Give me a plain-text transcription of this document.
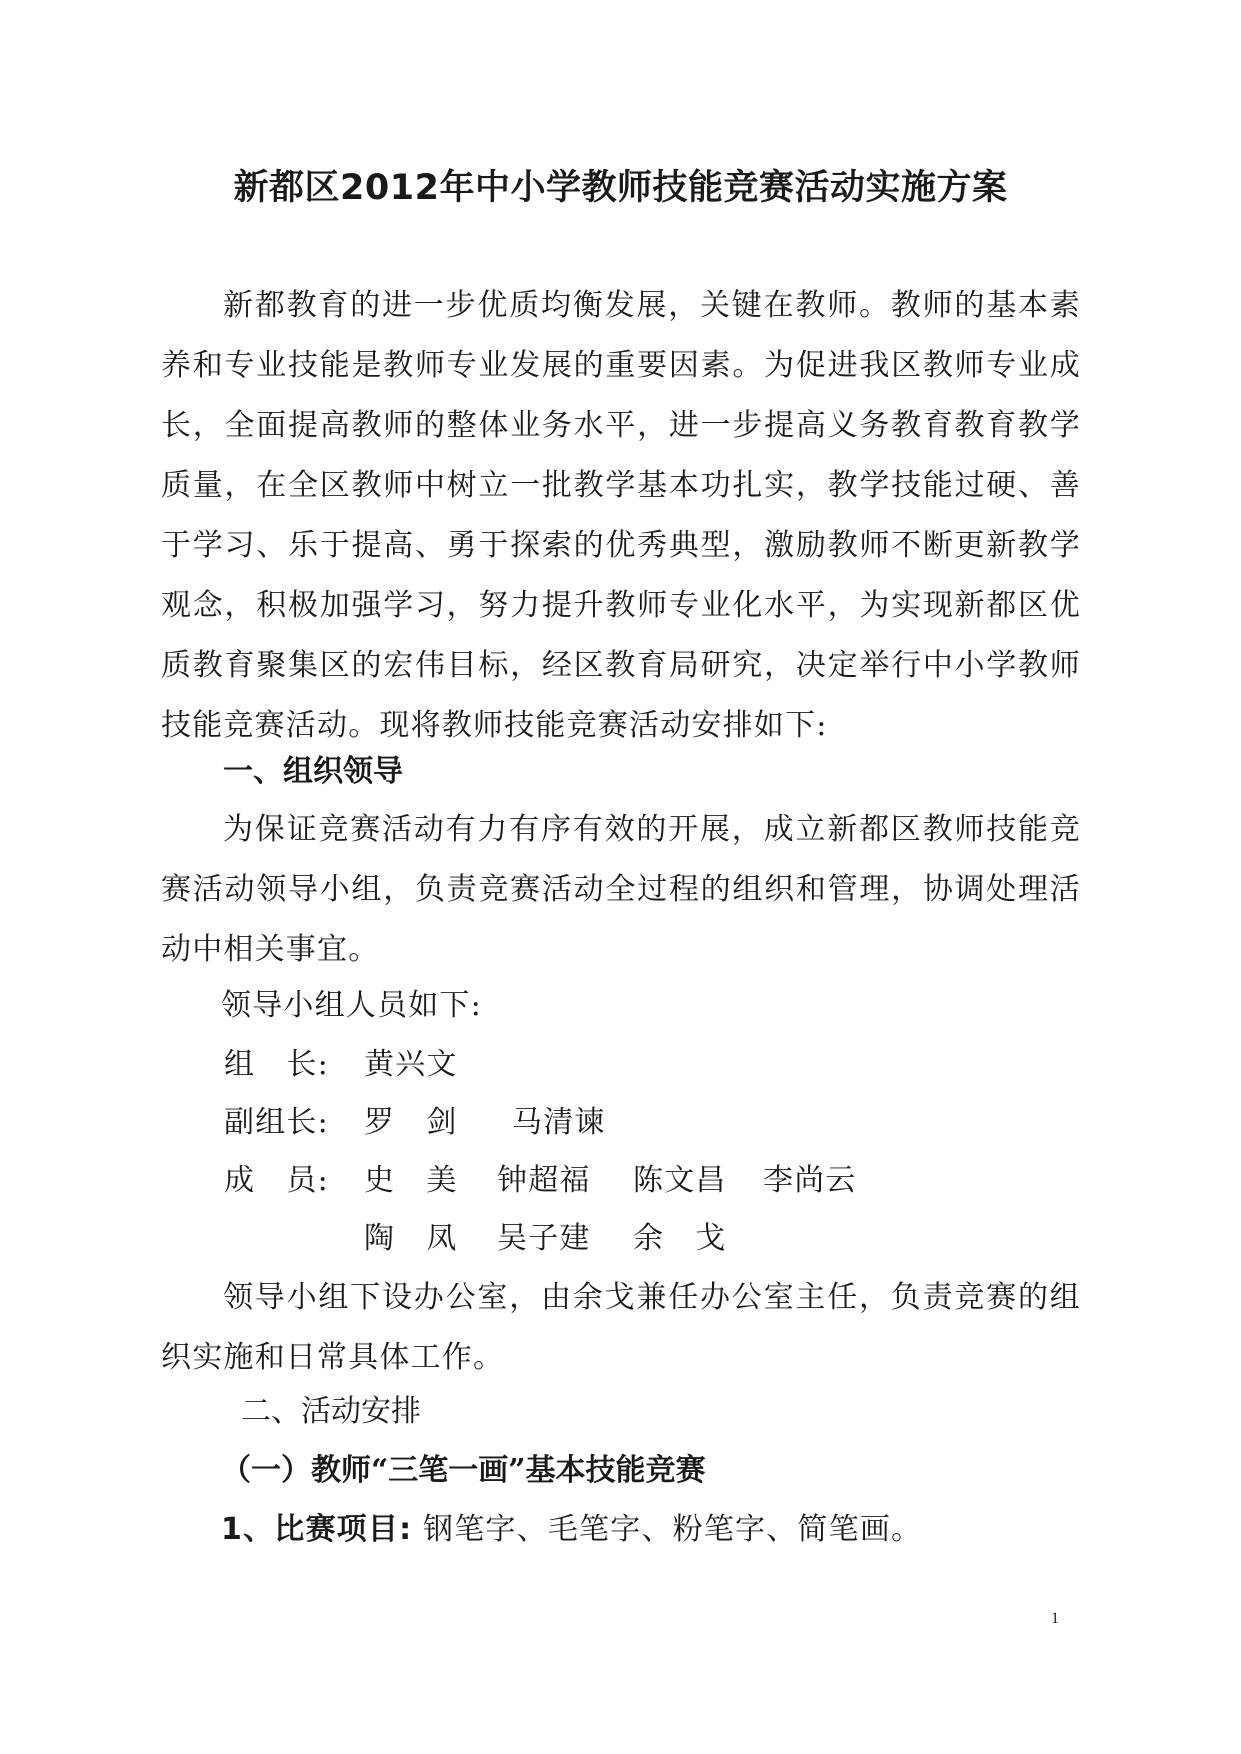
新都区2012年中小学教师技能竞赛活动实施方案

新都教育的进一步优质均衡发展，关键在教师。教师的基本素养和专业技能是教师专业发展的重要因素。为促进我区教师专业成长，全面提高教师的整体业务水平，进一步提高义务教育教育教学质量，在全区教师中树立一批教学基本功扎实，教学技能过硬、善于学习、乐于提高、勇于探索的优秀典型，激励教师不断更新教学观念，积极加强学习，努力提升教师专业化水平，为实现新都区优质教育聚集区的宏伟目标，经区教育局研究，决定举行中小学教师技能竞赛活动。现将教师技能竞赛活动安排如下:

一、组织领导

为保证竞赛活动有力有序有效的开展，成立新都区教师技能竞赛活动领导小组，负责竞赛活动全过程的组织和管理，协调处理活动中相关事宜。

领导小组人员如下:

组　长: 黄兴文
副组长: 罗　剑 马清谏
成　员: 史　美 钟超福 陈文昌 李尚云
陶　凤 吴子建 余　戈

领导小组下设办公室，由余戈兼任办公室主任，负责竞赛的组织实施和日常具体工作。

二、活动安排
（一）教师“三笔一画”基本技能竞赛

1、比赛项目: 钢笔字、毛笔字、粉笔字、简笔画。

1
